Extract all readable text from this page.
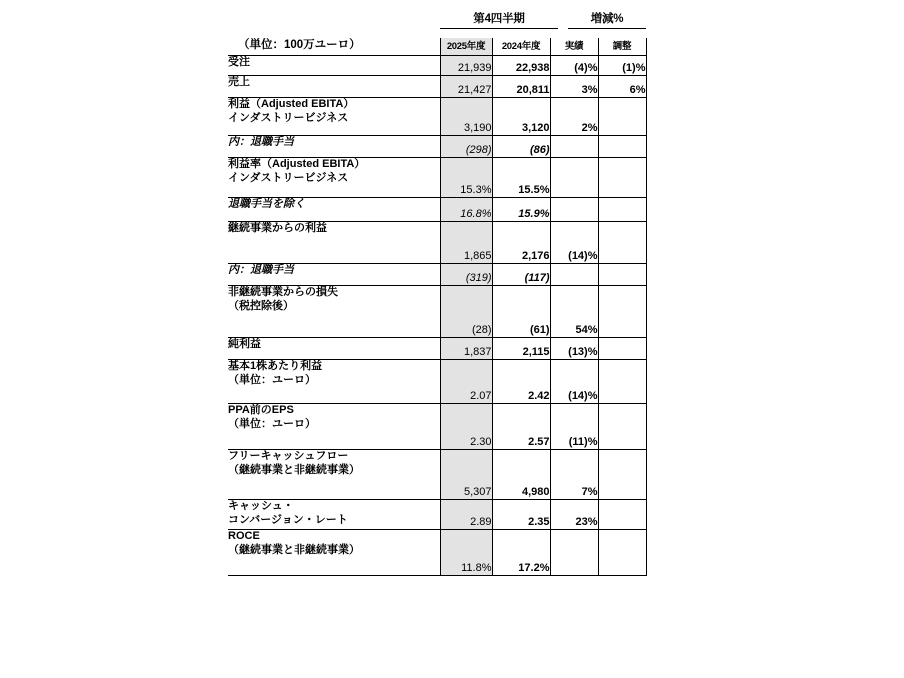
第4四半期	増減%
（単位：100万ユーロ）	2025年度	2024年度	実績	調整

受注	21,939	22,938	(4)%	(1)%

売上	21,427	20,811	3%	6%

利益（Adjusted EBITA）
インダストリービジネス	3,190	3,120	2%	

内：退職手当	(298)	(86)		

利益率（Adjusted EBITA）
インダストリービジネス	15.3%	15.5%		

退職手当を除く	16.8%	15.9%		

継続事業からの利益	1,865	2,176	(14)%	

内：退職手当	(319)	(117)		

非継続事業からの損失
（税控除後）	(28)	(61)	54%	

純利益	1,837	2,115	(13)%	

基本1株あたり利益
（単位：ユーロ）	2.07	2.42	(14)%	

PPA前のEPS
（単位：ユーロ）	2.30	2.57	(11)%	

フリーキャッシュフロー
（継続事業と非継続事業）	5,307	4,980	7%	

キャッシュ・
コンバージョン・レート	2.89	2.35	23%	

ROCE
（継続事業と非継続事業）	11.8%	17.2%		
